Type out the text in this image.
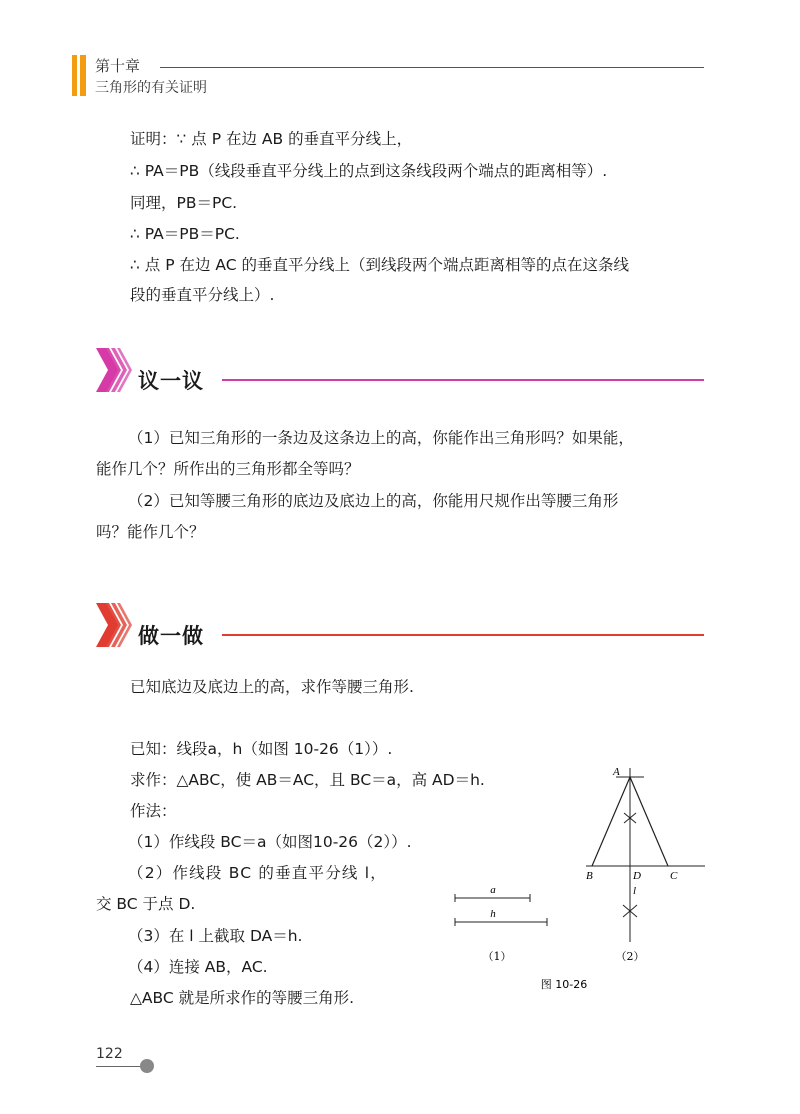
第十章
三角形的有关证明
证明：∵ 点 P 在边 AB 的垂直平分线上，
∴ PA＝PB（线段垂直平分线上的点到这条线段两个端点的距离相等）.
同理，PB＝PC.
∴ PA＝PB＝PC.
∴ 点 P 在边 AC 的垂直平分线上（到线段两个端点距离相等的点在这条线
段的垂直平分线上）.
议一议
（1）已知三角形的一条边及这条边上的高，你能作出三角形吗？如果能，
能作几个？所作出的三角形都全等吗？
（2）已知等腰三角形的底边及底边上的高，你能用尺规作出等腰三角形
吗？能作几个？
做一做
已知底边及底边上的高，求作等腰三角形.
已知：线段a，h（如图 10-26（1））.
求作：△ABC，使 AB＝AC，且 BC＝a，高 AD＝h.
作法：
（1）作线段 BC＝a（如图10-26（2））.
（2）作线段 BC 的垂直平分线 l，
交 BC 于点 D.
（3）在 l 上截取 DA＝h.
（4）连接 AB，AC.
△ABC 就是所求作的等腰三角形.
a
h
（1）
A
B	D	C
l
（2）
图 10-26
122
